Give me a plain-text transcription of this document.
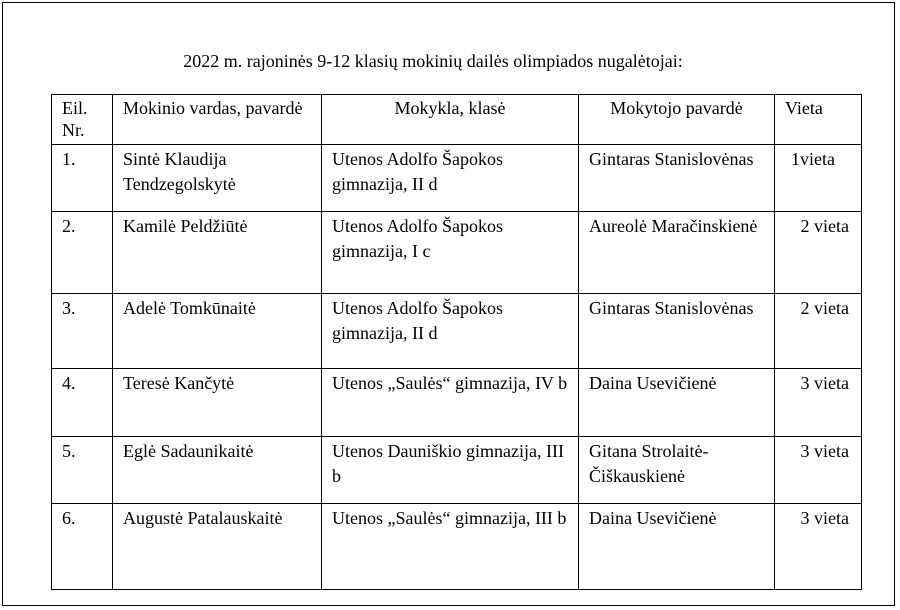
2022 m. rajoninės 9-12 klasių mokinių dailės olimpiados nugalėtojai:
Eil. Nr.	Mokinio vardas, pavardė	Mokykla, klasė	Mokytojo pavardė	Vieta
1.	Sintė Klaudija Tendzegolskytė	Utenos Adolfo Šapokos gimnazija, II d	Gintaras Stanislovėnas	1vieta
2.	Kamilė Peldžiūtė	Utenos Adolfo Šapokos gimnazija, I c	Aureolė Maračinskienė	2 vieta
3.	Adelė Tomkūnaitė	Utenos Adolfo Šapokos gimnazija, II d	Gintaras Stanislovėnas	2 vieta
4.	Teresė Kančytė	Utenos „Saulės“ gimnazija, IV b	Daina Usevičienė	3 vieta
5.	Eglė Sadaunikaitė	Utenos Dauniškio gimnazija, III b	Gitana Strolaitė-Čiškauskienė	3 vieta
6.	Augustė Patalauskaitė	Utenos „Saulės“ gimnazija, III b	Daina Usevičienė	3 vieta
